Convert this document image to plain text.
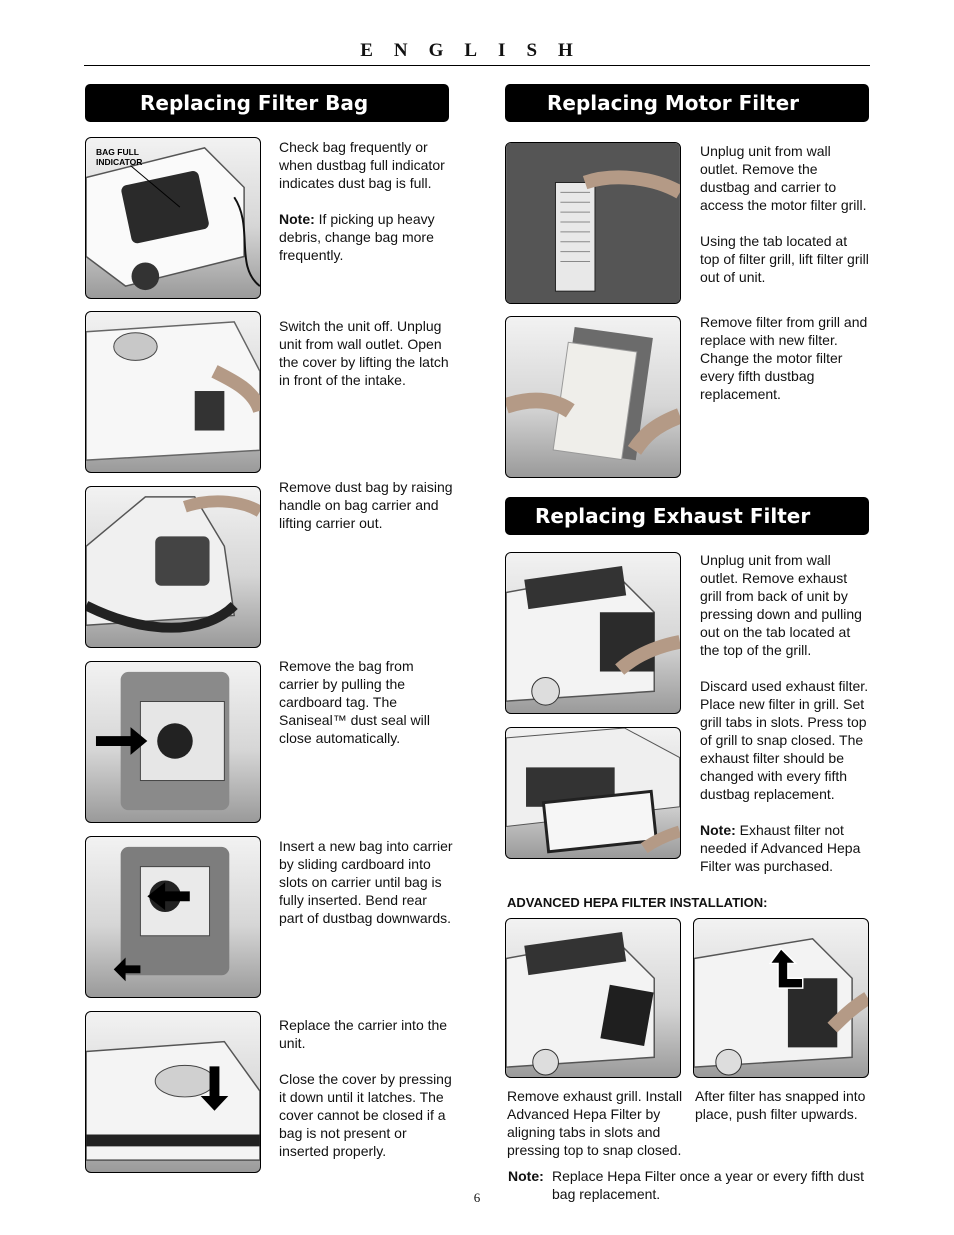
ENGLISH
Replacing Filter Bag	Replacing Motor Filter
Replacing Exhaust Filter
BAG FULL INDICATOR

Check bag frequently or when dustbag full indicator indicates dust bag is full.

Note: If picking up heavy debris, change bag more frequently.

Switch the unit off. Unplug unit from wall outlet. Open the cover by lifting the latch in front of the intake.

Remove dust bag by raising handle on bag carrier and lifting carrier out.

Remove the bag from carrier by pulling the cardboard tag. The Saniseal™ dust seal will close automatically.

Insert a new bag into carrier by sliding cardboard into slots on carrier until bag is fully inserted. Bend rear part of dustbag downwards.

Replace the carrier into the unit.

Close the cover by pressing it down until it latches. The cover cannot be closed if a bag is not present or inserted properly.

Unplug unit from wall outlet. Remove the dustbag and carrier to access the motor filter grill.

Using the tab located at top of filter grill, lift filter grill out of unit.

Remove filter from grill and replace with new filter. Change the motor filter every fifth dustbag replacement.

Unplug unit from wall outlet. Remove exhaust grill from back of unit by pressing down and pulling out on the tab located at the top of the grill.

Discard used exhaust filter. Place new filter in grill. Set grill tabs in slots. Press top of grill to snap closed. The exhaust filter should be changed with every fifth dustbag replacement.

Note: Exhaust filter not needed if Advanced Hepa Filter was purchased.

ADVANCED HEPA FILTER INSTALLATION:

Remove exhaust grill. Install Advanced Hepa Filter by aligning tabs in slots and pressing top to snap closed.

After filter has snapped into place, push filter upwards.

Note: Replace Hepa Filter once a year or every fifth dust bag replacement.
6
